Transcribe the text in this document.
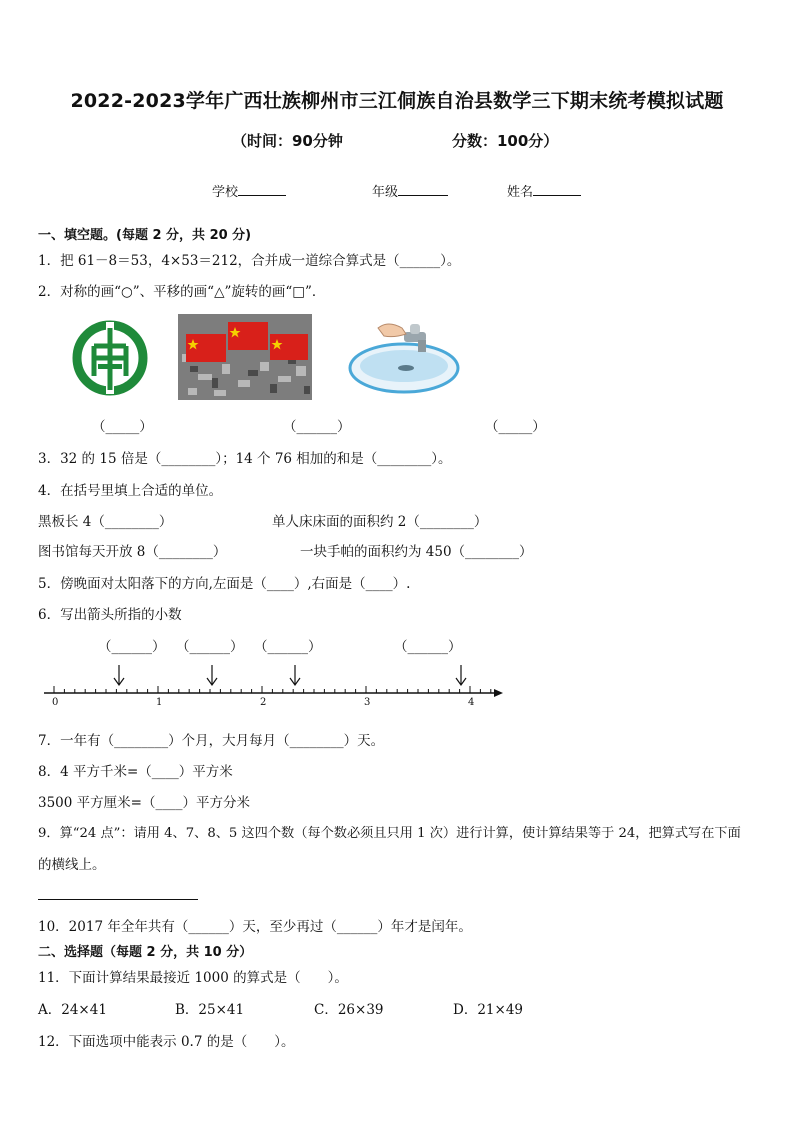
2022-2023学年广西壮族柳州市三江侗族自治县数学三下期末统考模拟试题
（时间：90分钟	分数：100分）
学校	年级	姓名
一、填空题。(每题 2 分，共 20 分)
1．把 61－8＝53，4×53＝212，合并成一道综合算式是（______）。
2．对称的画“○”、平移的画“△”旋转的画“□”．
（_____）	（______）	（_____）
3．32 的 15 倍是（________）；14 个 76 相加的和是（________）。
4．在括号里填上合适的单位。
黑板长 4（________）	单人床床面的面积约 2（________）
图书馆每天开放 8（________）	一块手帕的面积约为 450（________）
5．傍晚面对太阳落下的方向,左面是（____）,右面是（____）.
6．写出箭头所指的小数
（______） （______） （______）	（______）
0	1	2	3	4
7．一年有（________）个月，大月每月（________）天。
8．4 平方千米=（____）平方米
3500 平方厘米=（____）平方分米
9．算“24 点”：请用 4、7、8、5 这四个数（每个数必须且只用 1 次）进行计算，使计算结果等于 24，把算式写在下面
的横线上。
10．2017 年全年共有（______）天，至少再过（______）年才是闰年。
二、选择题（每题 2 分，共 10 分）
11．下面计算结果最接近 1000 的算式是（　　）。
A．24×41	B．25×41	C．26×39	D．21×49
12．下面选项中能表示 0.7 的是（　　）。
